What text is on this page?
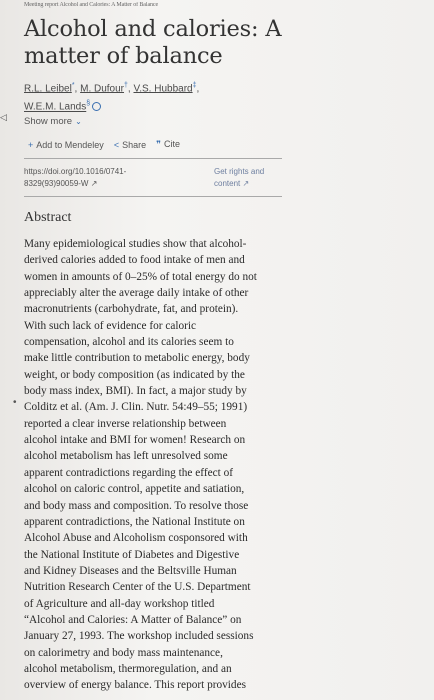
Meeting report Alcohol and Calories: A Matter of Balance
Alcohol and calories: A
matter of balance
R.L. Leibel*, M. Dufour†, V.S. Hubbard‡,
W.E.M. Lands§
◁ Show more ⌄
+ Add to Mendeley < Share ❞ Cite
https://doi.org/10.1016/0741-
8329(93)90059-W ↗
Get rights and
content ↗
Abstract
•
Many epidemiological studies show that alcohol-
derived calories added to food intake of men and
women in amounts of 0–25% of total energy do not
appreciably alter the average daily intake of other
macronutrients (carbohydrate, fat, and protein).
With such lack of evidence for caloric
compensation, alcohol and its calories seem to
make little contribution to metabolic energy, body
weight, or body composition (as indicated by the
body mass index, BMI). In fact, a major study by
Colditz et al. (Am. J. Clin. Nutr. 54:49–55; 1991)
reported a clear inverse relationship between
alcohol intake and BMI for women! Research on
alcohol metabolism has left unresolved some
apparent contradictions regarding the effect of
alcohol on caloric control, appetite and satiation,
and body mass and composition. To resolve those
apparent contradictions, the National Institute on
Alcohol Abuse and Alcoholism cosponsored with
the National Institute of Diabetes and Digestive
and Kidney Diseases and the Beltsville Human
Nutrition Research Center of the U.S. Department
of Agriculture and all-day workshop titled
“Alcohol and Calories: A Matter of Balance” on
January 27, 1993. The workshop included sessions
on calorimetry and body mass maintenance,
alcohol metabolism, thermoregulation, and an
overview of energy balance. This report provides
